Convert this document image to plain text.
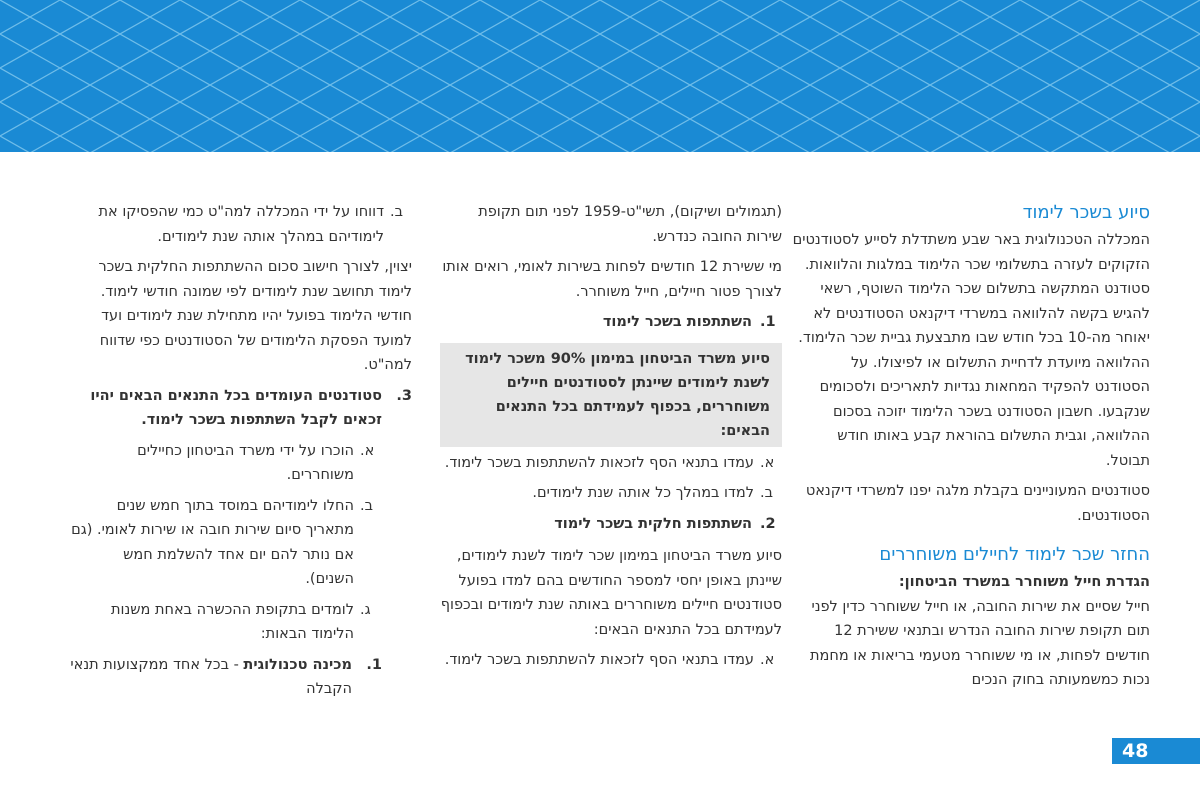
סיוע בשכר לימוד

המכללה הטכנולוגית באר שבע משתדלת לסייע לסטודנטים הזקוקים לעזרה בתשלומי שכר הלימוד במלגות והלוואות. סטודנט המתקשה בתשלום שכר הלימוד השוטף, רשאי להגיש בקשה להלוואה במשרדי דיקנאט הסטודנטים לא יאוחר מה-10 בכל חודש שבו מתבצעת גביית שכר הלימוד. ההלוואה מיועדת לדחיית התשלום או לפיצולו. על הסטודנט להפקיד המחאות נגדיות לתאריכים ולסכומים שנקבעו. חשבון הסטודנט בשכר הלימוד יזוכה בסכום ההלוואה, וגבית התשלום בהוראת קבע באותו חודש תבוטל.

סטודנטים המעוניינים בקבלת מלגה יפנו למשרדי דיקנאט הסטודנטים.

החזר שכר לימוד לחיילים משוחררים

הגדרת חייל משוחרר במשרד הביטחון:

חייל שסיים את שירות החובה, או חייל ששוחרר כדין לפני תום תקופת שירות החובה הנדרש ובתנאי ששירת 12 חודשים לפחות, או מי ששוחרר מטעמי בריאות או מחמת נכות כמשמעותה בחוק הנכים

(תגמולים ושיקום), תשי"ט-1959 לפני תום תקופת שירות החובה כנדרש.

מי ששירת 12 חודשים לפחות בשירות לאומי, רואים אותו לצורך פטור חיילים, חייל משוחרר.

1.
השתתפות בשכר לימוד
סיוע משרד הביטחון במימון 90% משכר לימוד לשנת לימודים שיינתן לסטודנטים חיילים משוחררים, בכפוף לעמידתם בכל התנאים הבאים:
א.
עמדו בתנאי הסף לזכאות להשתתפות בשכר לימוד.
ב.
למדו במהלך כל אותה שנת לימודים.
2.
השתתפות חלקית בשכר לימוד

סיוע משרד הביטחון במימון שכר לימוד לשנת לימודים, שיינתן באופן יחסי למספר החודשים בהם למדו בפועל סטודנטים חיילים משוחררים באותה שנת לימודים ובכפוף לעמידתם בכל התנאים הבאים:

א.
עמדו בתנאי הסף לזכאות להשתתפות בשכר לימוד.
ב.
דווחו על ידי המכללה למה"ט כמי שהפסיקו את לימודיהם במהלך אותה שנת לימודים.

יצוין, לצורך חישוב סכום ההשתתפות החלקית בשכר לימוד תחושב שנת לימודים לפי שמונה חודשי לימוד. חודשי הלימוד בפועל יהיו מתחילת שנת לימודים ועד למועד הפסקת הלימודים של הסטודנטים כפי שדווח למה"ט.

3.
סטודנטים העומדים בכל התנאים הבאים יהיו זכאים לקבל השתתפות בשכר לימוד.
א.
הוכרו על ידי משרד הביטחון כחיילים משוחררים.
ב.
החלו לימודיהם במוסד בתוך חמש שנים מתאריך סיום שירות חובה או שירות לאומי. (גם אם נותר להם יום אחד להשלמת חמש השנים).
ג.
לומדים בתקופת ההכשרה באחת משנות הלימוד הבאות:
1.
מכינה טכנולוגית - בכל אחד ממקצועות תנאי הקבלה
48
